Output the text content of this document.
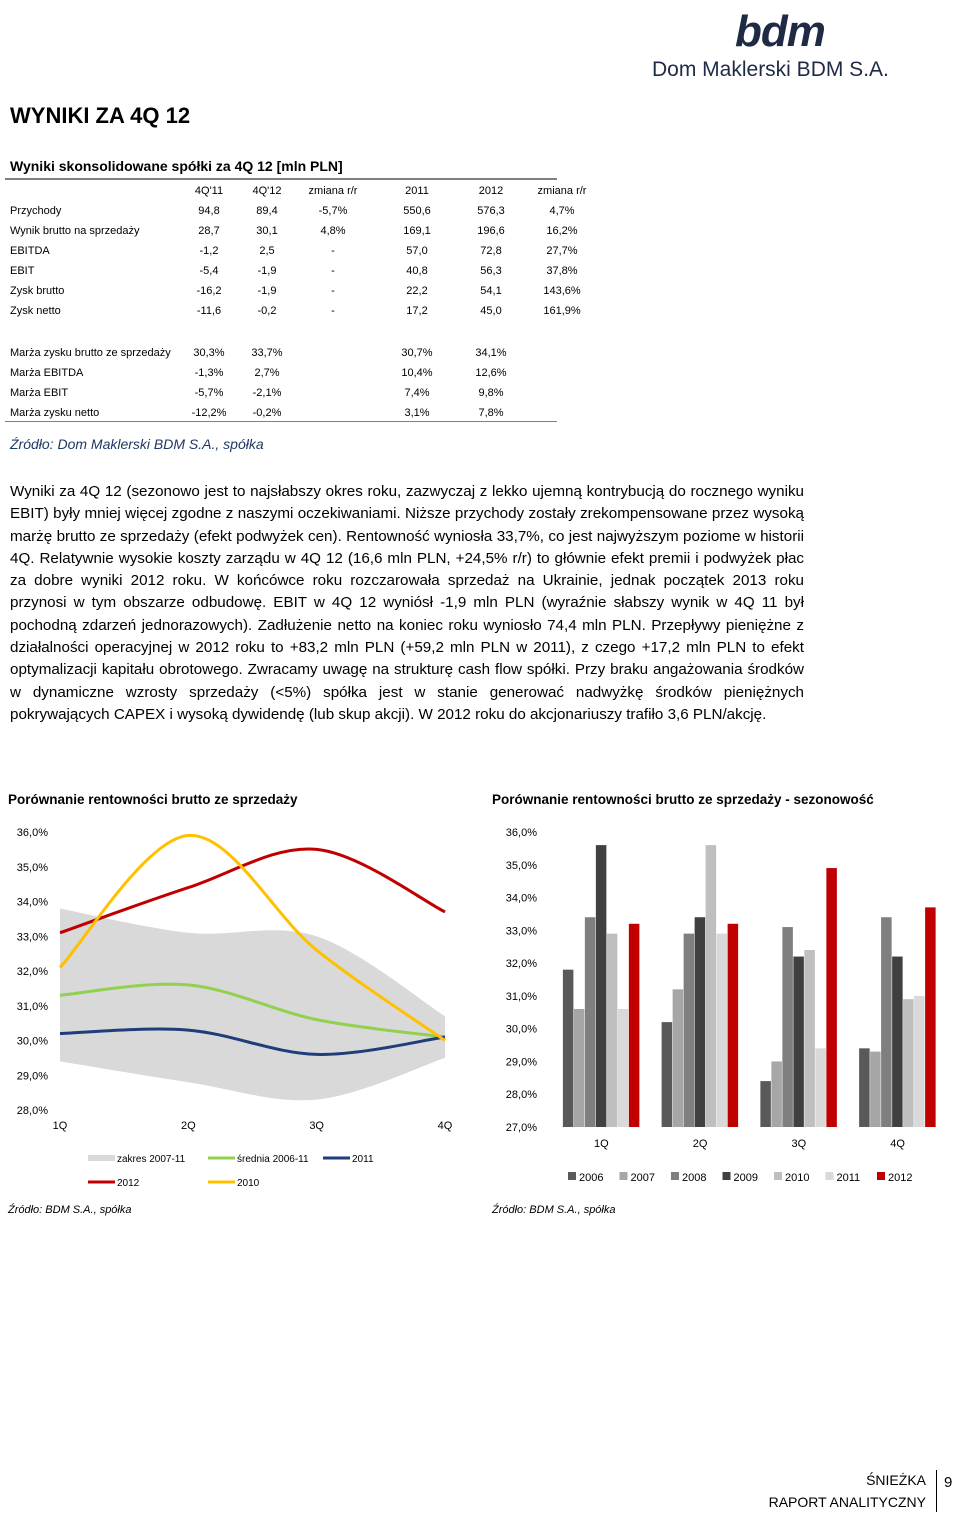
bdm
Dom Maklerski BDM S.A.
WYNIKI ZA 4Q 12
Wyniki skonsolidowane spółki za 4Q 12 [mln PLN]
	4Q'11	4Q'12	zmiana r/r	2011	2012	zmiana r/r
Przychody	94,8	89,4	-5,7%	550,6	576,3	4,7%
Wynik brutto na sprzedaży	28,7	30,1	4,8%	169,1	196,6	16,2%
EBITDA	-1,2	2,5	-	57,0	72,8	27,7%
EBIT	-5,4	-1,9	-	40,8	56,3	37,8%
Zysk brutto	-16,2	-1,9	-	22,2	54,1	143,6%
Zysk netto	-11,6	-0,2	-	17,2	45,0	161,9%
Marża zysku brutto ze sprzedaży	30,3%	33,7%		30,7%	34,1%	
Marża EBITDA	-1,3%	2,7%		10,4%	12,6%	
Marża EBIT	-5,7%	-2,1%		7,4%	9,8%	
Marża zysku netto	-12,2%	-0,2%		3,1%	7,8%	
Źródło: Dom Maklerski BDM S.A., spółka

Wyniki za 4Q 12 (sezonowo jest to najsłabszy okres roku, zazwyczaj z lekko ujemną kontrybucją do rocznego wyniku EBIT) były mniej więcej zgodne z naszymi oczekiwaniami. Niższe przychody zostały zrekompensowane przez wysoką marżę brutto ze sprzedaży (efekt podwyżek cen). Rentowność wyniosła 33,7%, co jest najwyższym poziome w historii 4Q. Relatywnie wysokie koszty zarządu w 4Q 12 (16,6 mln PLN, +24,5% r/r) to głównie efekt premii i podwyżek płac za dobre wyniki 2012 roku. W końcówce roku rozczarowała sprzedaż na Ukrainie, jednak początek 2013 roku przynosi w tym obszarze odbudowę. EBIT w 4Q 12 wyniósł -1,9 mln PLN (wyraźnie słabszy wynik w 4Q 11 był pochodną zdarzeń jednorazowych). Zadłużenie netto na koniec roku wyniosło 74,4 mln PLN. Przepływy pieniężne z działalności operacyjnej w 2012 roku to +83,2 mln PLN (+59,2 mln PLN w 2011), z czego +17,2 mln PLN to efekt optymalizacji kapitału obrotowego. Zwracamy uwagę na strukturę cash flow spółki. Przy braku angażowania środków w dynamiczne wzrosty sprzedaży (<5%) spółka jest w stanie generować nadwyżkę środków pieniężnych pokrywających CAPEX i wysoką dywidendę (lub skup akcji). W 2012 roku do akcjonariuszy trafiło 3,6 PLN/akcję.

Porównanie rentowności brutto ze sprzedaży
28,0%
29,0%
30,0%
31,0%
32,0%
33,0%
34,0%
35,0%
36,0%
1Q	2Q	3Q	4Q
zakres 2007-11	średnia 2006-11	2011
2012	2010
Źródło: BDM S.A., spółka
Porównanie rentowności brutto ze sprzedaży - sezonowość
27,0%
28,0%
29,0%
30,0%
31,0%
32,0%
33,0%
34,0%
35,0%
36,0%
1Q	2Q	3Q	4Q
2006 2007 2008 2009 2010 2011	2012
Źródło: BDM S.A., spółka
ŚNIEŻKA
RAPORT ANALITYCZNY
9
